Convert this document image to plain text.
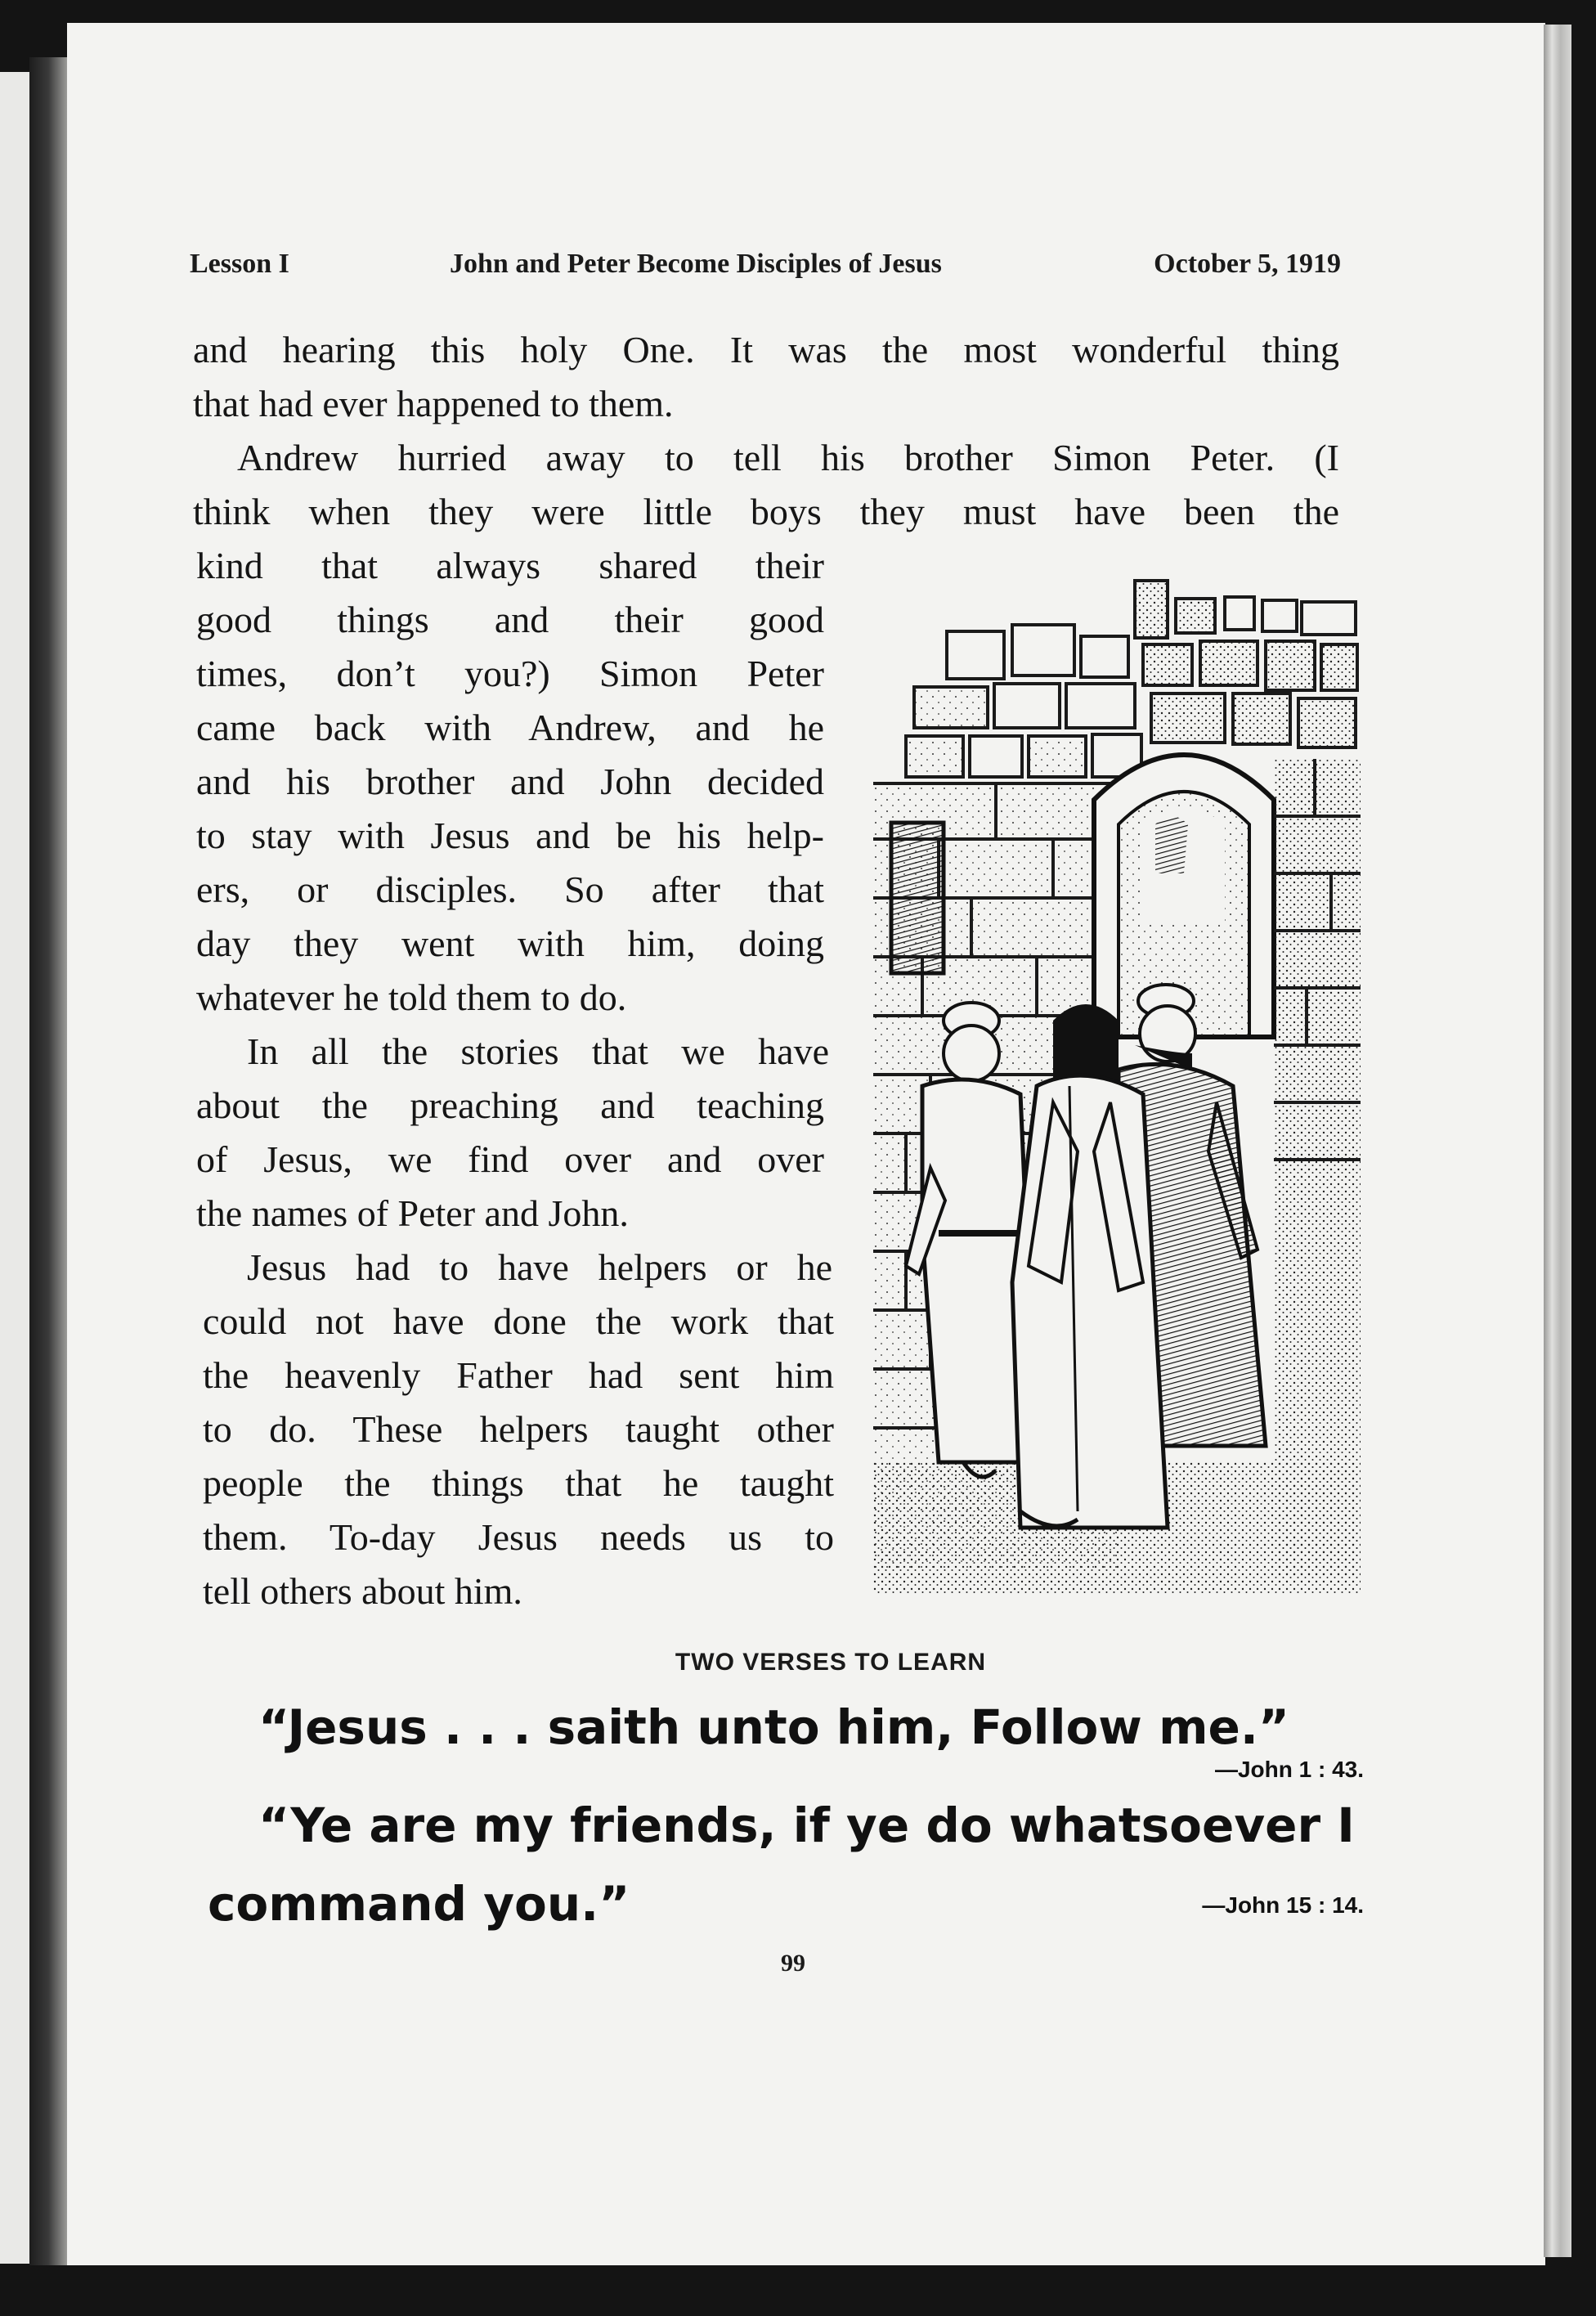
Lesson I	John and Peter Become Disciples of Jesus	October 5, 1919
and hearing this holy One. It was the most wonderful thing
that had ever happened to them.
Andrew hurried away to tell his brother Simon Peter. (I
think when they were little boys they must have been the
kind that always shared their
good things and their good
times, don’t you?) Simon Peter
came back with Andrew, and he
and his brother and John decided
to stay with Jesus and be his help-
ers, or disciples. So after that
day they went with him, doing
whatever he told them to do.
In all the stories that we have
about the preaching and teaching
of Jesus, we find over and over
the names of Peter and John.
Jesus had to have helpers or he
could not have done the work that
the heavenly Father had sent him
to do. These helpers taught other
people the things that he taught
them. To-day Jesus needs us to
tell others about him.
TWO VERSES TO LEARN
“Jesus . . . saith unto him, Follow me.”
—John 1 : 43.
“Ye are my friends, if ye do whatsoever I
command you.”	—John 15 : 14.
99
